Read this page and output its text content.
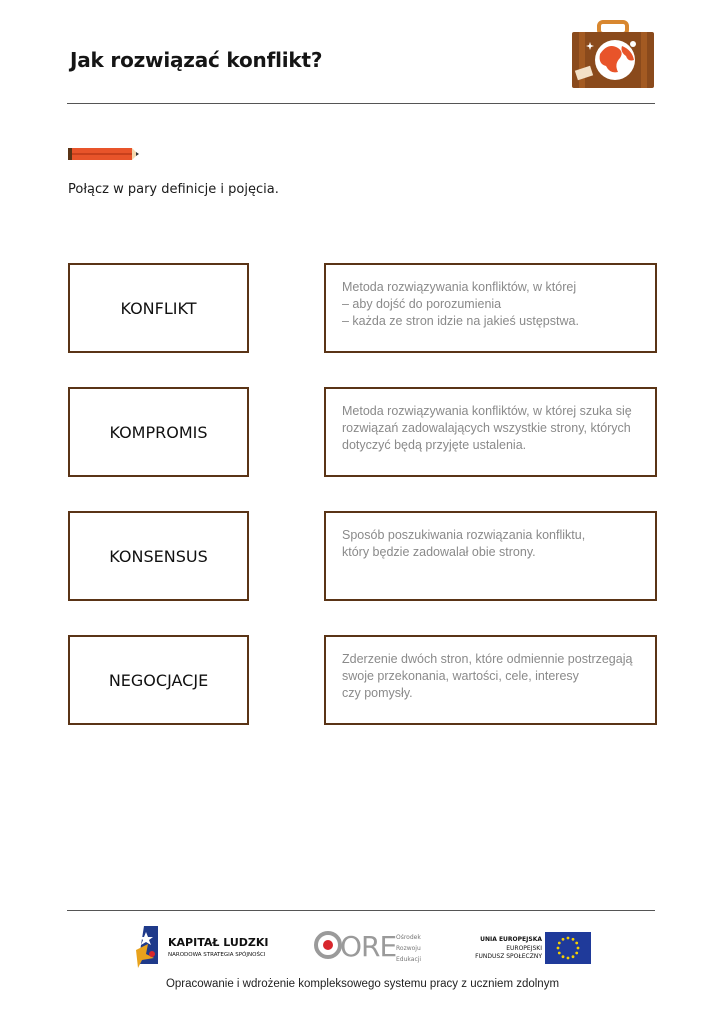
Jak rozwiązać konflikt?
Połącz w pary definicje i pojęcia.
KONFLIKT
KOMPROMIS
KONSENSUS
NEGOCJACJE
Metoda rozwiązywania konfliktów, w której
– aby dojść do porozumienia
– każda ze stron idzie na jakieś ustępstwa.
Metoda rozwiązywania konfliktów, w której szuka się
rozwiązań zadowalających wszystkie strony, których
dotyczyć będą przyjęte ustalenia.
Sposób poszukiwania rozwiązania konfliktu,
który będzie zadowalał obie strony.
Zderzenie dwóch stron, które odmiennie postrzegają
swoje przekonania, wartości, cele, interesy
czy pomysły.
KAPITAŁ LUDZKI
NARODOWA STRATEGIA SPÓJNOŚCI	ORE Ośrodek
Rozwoju
Edukacji
UNIA EUROPEJSKA
EUROPEJSKI
FUNDUSZ SPOŁECZNY
Opracowanie i wdrożenie kompleksowego systemu pracy z uczniem zdolnym
